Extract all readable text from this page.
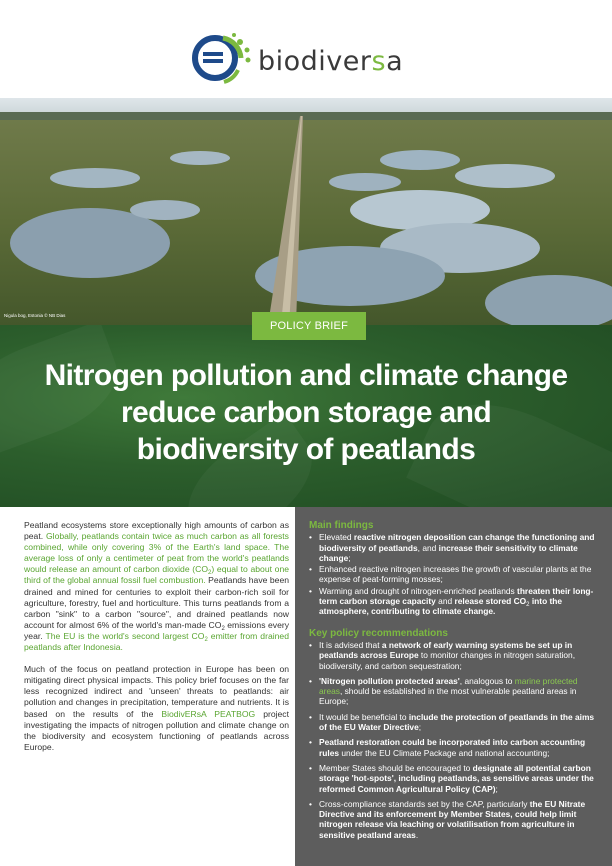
biodiversa
Nigula bog, Estonia © NB Dias
POLICY BRIEF
Nitrogen pollution and climate change reduce carbon storage and biodiversity of peatlands

Peatland ecosystems store exceptionally high amounts of carbon as peat. Globally, peatlands contain twice as much carbon as all forests combined, while only covering 3% of the Earth's land space. The average loss of only a centimeter of peat from the world's peatlands would release an amount of carbon dioxide $(CO_2)$ equal to about one third of the global annual fossil fuel combustion. Peatlands have been drained and mined for centuries to exploit their carbon-rich soil for agriculture, forestry, fuel and horticulture. This turns peatlands from a carbon "sink" to a carbon "source", and drained peatlands now account for almost 6% of the world's man-made $CO_2$ emissions every year. The EU is the world's second largest $CO_2$ emitter from drained peatlands after Indonesia.

Much of the focus on peatland protection in Europe has been on mitigating direct physical impacts. This policy brief focuses on the far less recognized indirect and 'unseen' threats to peatlands: air pollution and changes in precipitation, temperature and nutrients. It is based on the results of the BiodivERsA PEATBOG project investigating the impacts of nitrogen pollution and climate change on the biodiversity and ecosystem functioning of peatlands across Europe.

Main findings
• Elevated reactive nitrogen deposition can change the functioning and biodiversity of peatlands, and increase their sensitivity to climate change;
• Enhanced reactive nitrogen increases the growth of vascular plants at the expense of peat-forming mosses;
• Warming and drought of nitrogen-enriched peatlands threaten their long-term carbon storage capacity and release stored $CO_2$ into the atmosphere, contributing to climate change.
Key policy recommendations
• It is advised that a network of early warning systems be set up in peatlands across Europe to monitor changes in nitrogen saturation, biodiversity, and carbon sequestration;
• 'Nitrogen pollution protected areas', analogous to marine protected areas, should be established in the most vulnerable peatland areas in Europe;
• It would be beneficial to include the protection of peatlands in the aims of the EU Water Directive;
• Peatland restoration could be incorporated into carbon accounting rules under the EU Climate Package and national accounting;
• Member States should be encouraged to designate all potential carbon storage 'hot-spots', including peatlands, as sensitive areas under the reformed Common Agricultural Policy (CAP);
• Cross-compliance standards set by the CAP, particularly the EU Nitrate Directive and its enforcement by Member States, could help limit nitrogen release via leaching or volatilisation from agriculture in sensitive peatland areas.
